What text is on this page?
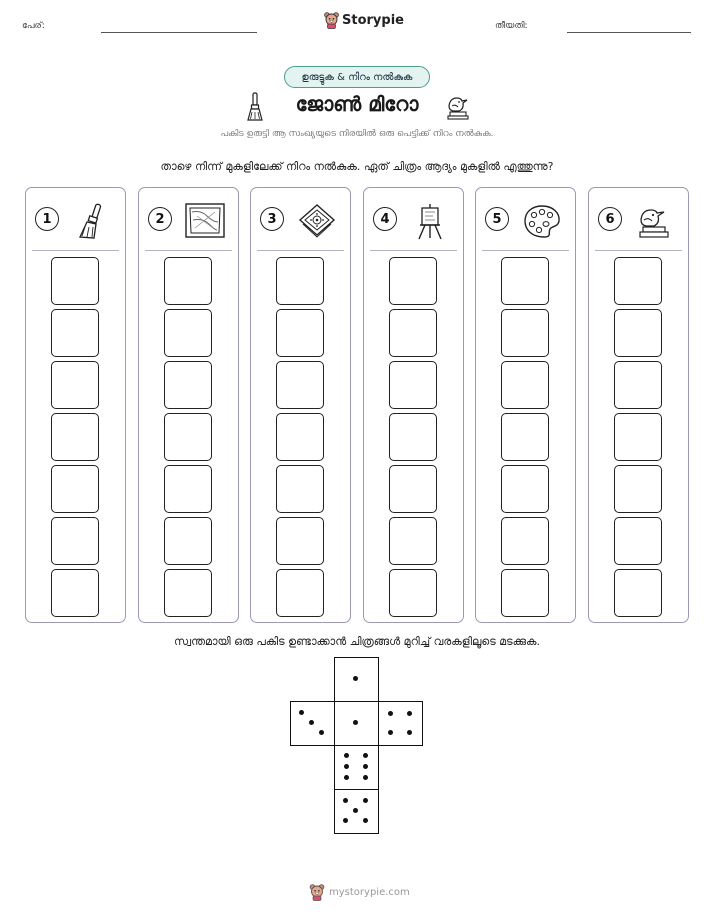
പേര്:	Storypie	തീയതി:
ഉരുട്ടുക & നിറം നൽകുക
ജോൺ മിറോ
പകിട ഉരുട്ടി ആ സംഖ്യയുടെ നിരയിൽ ഒരു പെട്ടിക്ക് നിറം നൽകുക.
താഴെ നിന്ന് മുകളിലേക്ക് നിറം നൽകുക. ഏത് ചിത്രം ആദ്യം മുകളിൽ എത്തുന്നു?
1	2	3	4	5	6
സ്വന്തമായി ഒരു പകിട ഉണ്ടാക്കാൻ ചിത്രങ്ങൾ മുറിച്ച് വരകളിലൂടെ മടക്കുക.
mystorypie.com
